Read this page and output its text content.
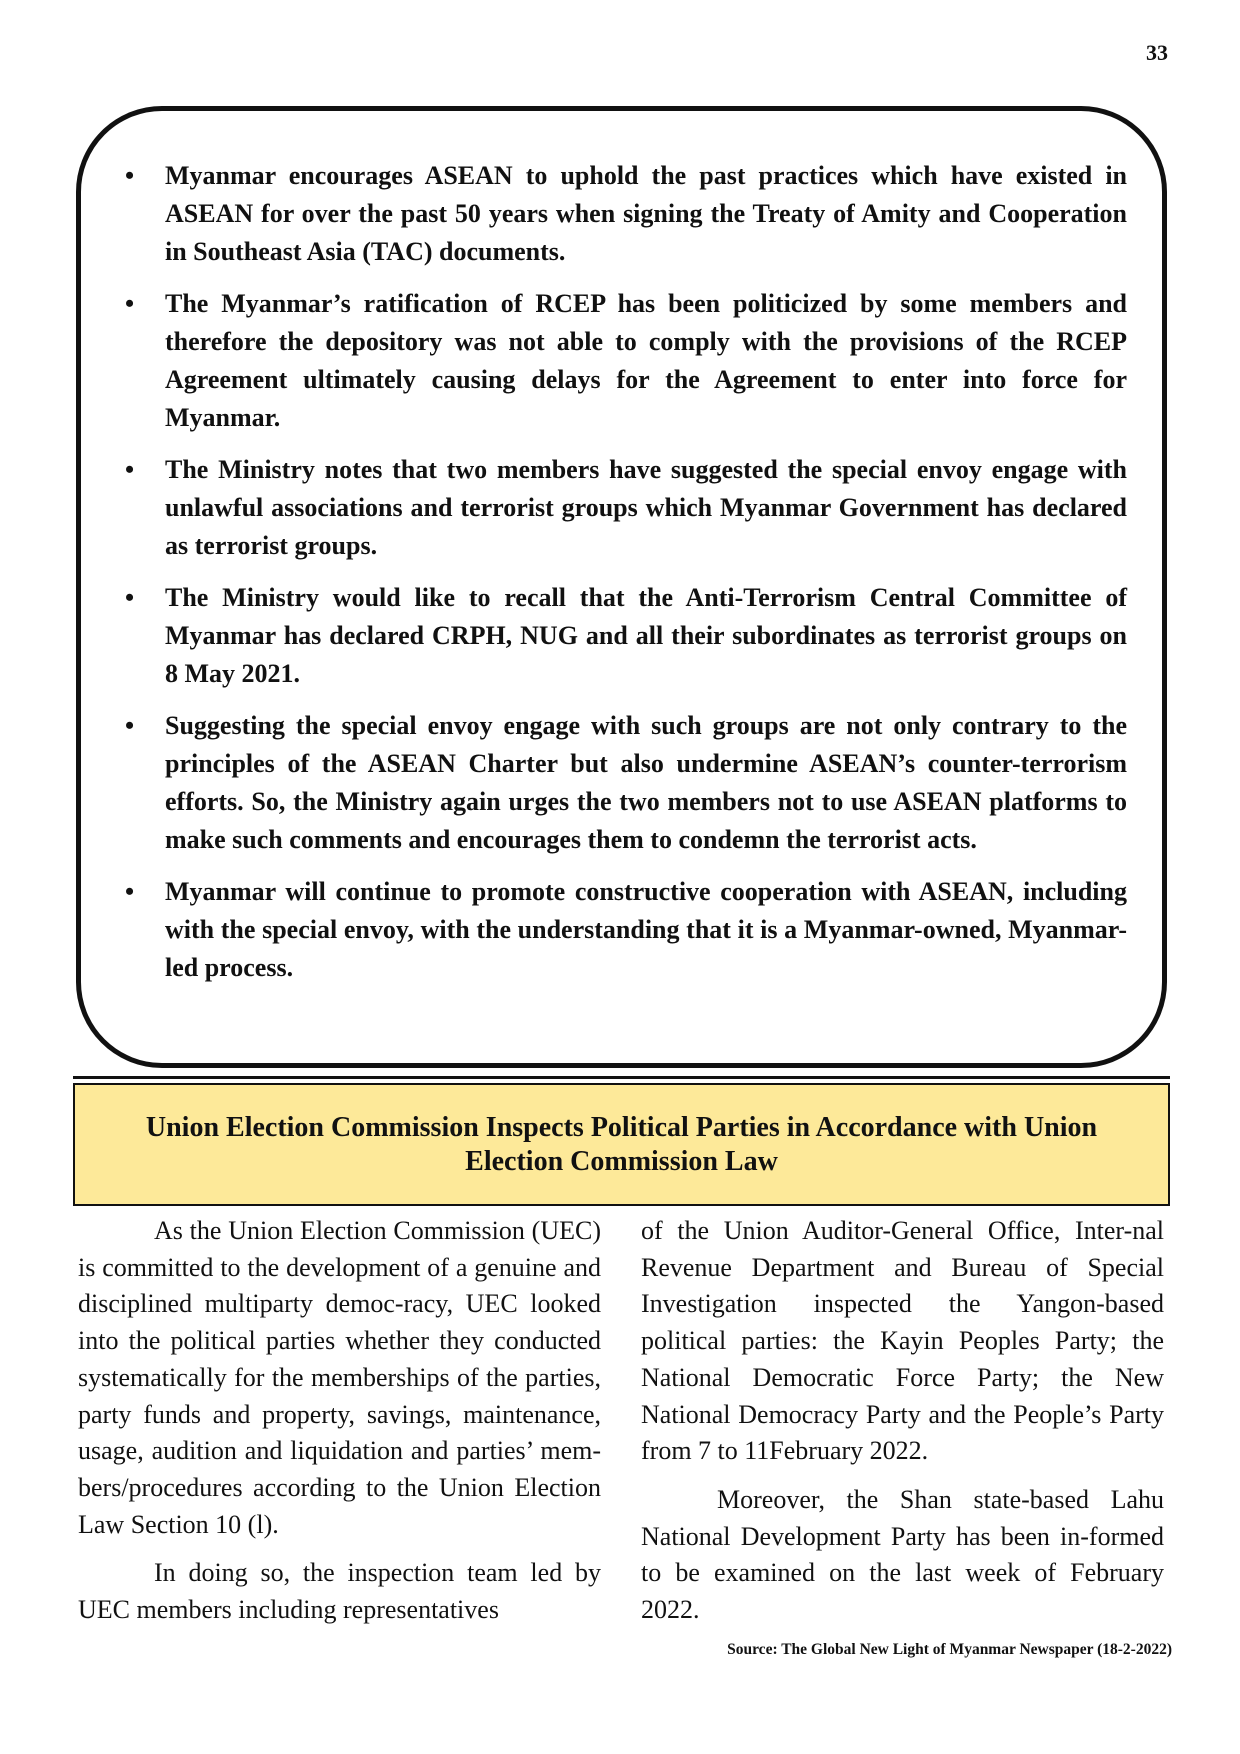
33
• Myanmar encourages ASEAN to uphold the past practices which have existed in ASEAN for over the past 50 years when signing the Treaty of Amity and Cooperation in Southeast Asia (TAC) documents.
• The Myanmar’s ratification of RCEP has been politicized by some members and therefore the depository was not able to comply with the provisions of the RCEP Agreement ultimately causing delays for the Agreement to enter into force for Myanmar.
• The Ministry notes that two members have suggested the special envoy engage with unlawful associations and terrorist groups which Myanmar Government has declared as terrorist groups.
• The Ministry would like to recall that the Anti-Terrorism Central Committee of Myanmar has declared CRPH, NUG and all their subordinates as terrorist groups on 8 May 2021.
• Suggesting the special envoy engage with such groups are not only contrary to the principles of the ASEAN Charter but also undermine ASEAN’s counter-terrorism efforts. So, the Ministry again urges the two members not to use ASEAN platforms to make such comments and encourages them to condemn the terrorist acts.
• Myanmar will continue to promote constructive cooperation with ASEAN, including with the special envoy, with the understanding that it is a Myanmar-owned, Myanmar-led process.
Union Election Commission Inspects Political Parties in Accordance with Union Election Commission Law

As the Union Election Commission (UEC) is committed to the development of a genuine and disciplined multiparty democ-racy, UEC looked into the political parties whether they conducted systematically for the memberships of the parties, party funds and property, savings, maintenance, usage, audition and liquidation and parties’ mem-bers/procedures according to the Union Election Law Section 10 (l).

In doing so, the inspection team led by UEC members including representatives

of the Union Auditor-General Office, Inter-nal Revenue Department and Bureau of Special Investigation inspected the Yangon-based political parties: the Kayin Peoples Party; the National Democratic Force Party; the New National Democracy Party and the People’s Party from 7 to 11February 2022.

Moreover, the Shan state-based Lahu National Development Party has been in-formed to be examined on the last week of February 2022.

Source: The Global New Light of Myanmar Newspaper (18-2-2022)
